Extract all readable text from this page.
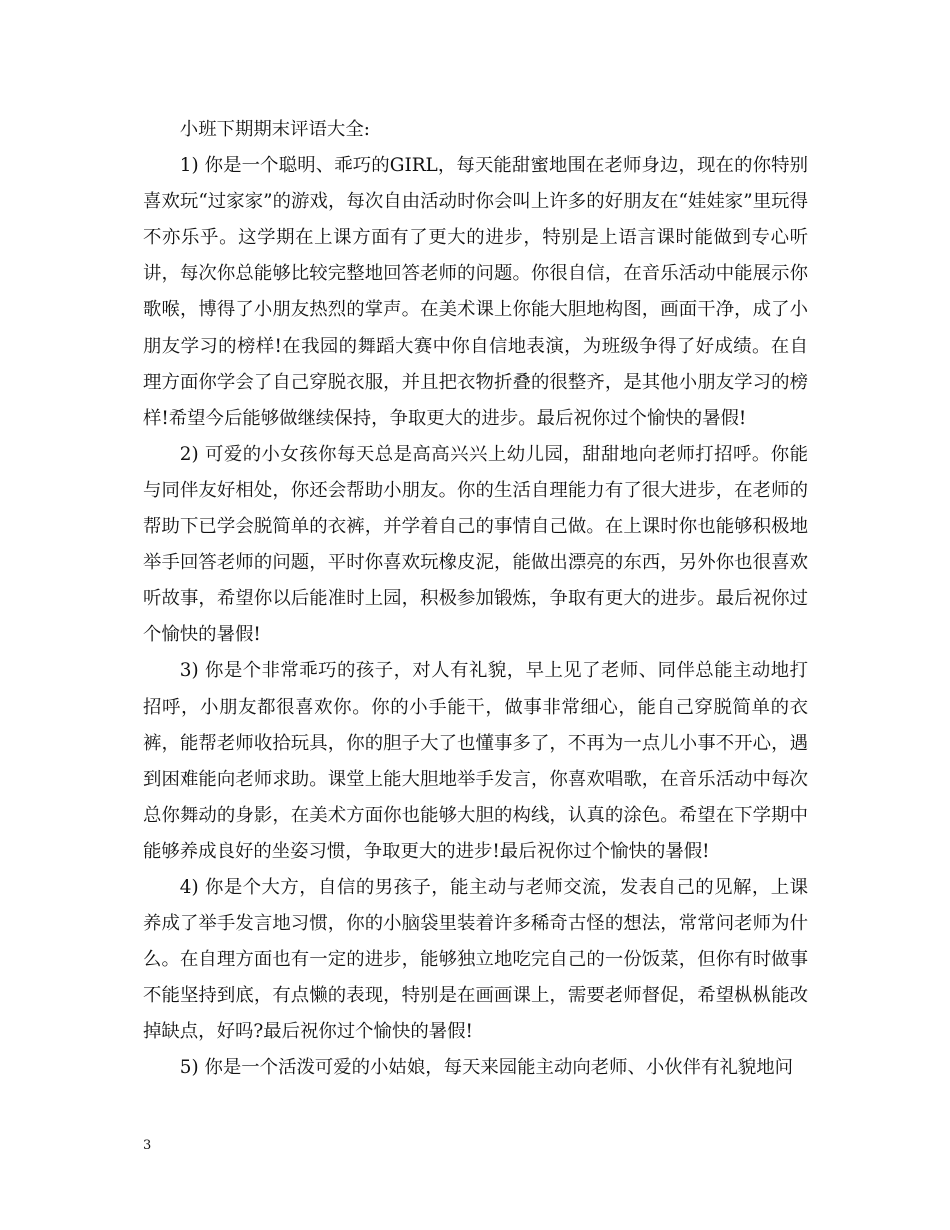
小班下期期末评语大全:

1) 你是一个聪明、乖巧的GIRL，每天能甜蜜地围在老师身边，现在的你特别喜欢玩“过家家”的游戏，每次自由活动时你会叫上许多的好朋友在“娃娃家”里玩得不亦乐乎。这学期在上课方面有了更大的进步，特别是上语言课时能做到专心听讲，每次你总能够比较完整地回答老师的问题。你很自信，在音乐活动中能展示你歌喉，博得了小朋友热烈的掌声。在美术课上你能大胆地构图，画面干净，成了小朋友学习的榜样!在我园的舞蹈大赛中你自信地表演，为班级争得了好成绩。在自理方面你学会了自己穿脱衣服，并且把衣物折叠的很整齐，是其他小朋友学习的榜样!希望今后能够做继续保持，争取更大的进步。最后祝你过个愉快的暑假!

2) 可爱的小女孩你每天总是高高兴兴上幼儿园，甜甜地向老师打招呼。你能与同伴友好相处，你还会帮助小朋友。你的生活自理能力有了很大进步，在老师的帮助下已学会脱简单的衣裤，并学着自己的事情自己做。在上课时你也能够积极地举手回答老师的问题，平时你喜欢玩橡皮泥，能做出漂亮的东西，另外你也很喜欢听故事，希望你以后能准时上园，积极参加锻炼，争取有更大的进步。最后祝你过个愉快的暑假!

3) 你是个非常乖巧的孩子，对人有礼貌，早上见了老师、同伴总能主动地打招呼，小朋友都很喜欢你。你的小手能干，做事非常细心，能自己穿脱简单的衣裤，能帮老师收拾玩具，你的胆子大了也懂事多了，不再为一点儿小事不开心，遇到困难能向老师求助。课堂上能大胆地举手发言，你喜欢唱歌，在音乐活动中每次总你舞动的身影，在美术方面你也能够大胆的构线，认真的涂色。希望在下学期中能够养成良好的坐姿习惯，争取更大的进步!最后祝你过个愉快的暑假!

4) 你是个大方，自信的男孩子，能主动与老师交流，发表自己的见解，上课养成了举手发言地习惯，你的小脑袋里装着许多稀奇古怪的想法，常常问老师为什么。在自理方面也有一定的进步，能够独立地吃完自己的一份饭菜，但你有时做事不能坚持到底，有点懒的表现，特别是在画画课上，需要老师督促，希望枞枞能改掉缺点，好吗?最后祝你过个愉快的暑假!

5) 你是一个活泼可爱的小姑娘，每天来园能主动向老师、小伙伴有礼貌地问

3
